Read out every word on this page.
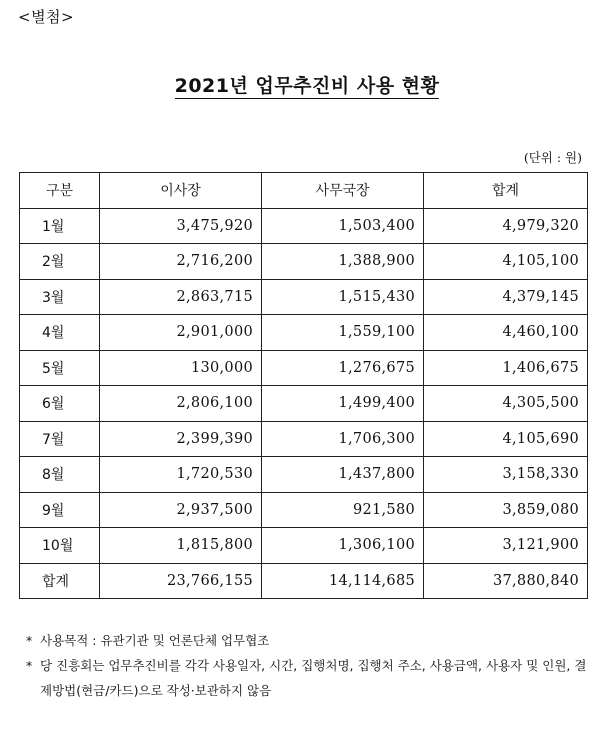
<별첨>
2021년 업무추진비 사용 현황
(단위 : 원)
구분	이사장	사무국장	합계
1월	3,475,920	1,503,400	4,979,320
2월	2,716,200	1,388,900	4,105,100
3월	2,863,715	1,515,430	4,379,145
4월	2,901,000	1,559,100	4,460,100
5월	130,000	1,276,675	1,406,675
6월	2,806,100	1,499,400	4,305,500
7월	2,399,390	1,706,300	4,105,690
8월	1,720,530	1,437,800	3,158,330
9월	2,937,500	921,580	3,859,080
10월	1,815,800	1,306,100	3,121,900
합계	23,766,155	14,114,685	37,880,840
* 사용목적 : 유관기관 및 언론단체 업무협조
* 당 진흥회는 업무추진비를 각각 사용일자, 시간, 집행처명, 집행처 주소, 사용금액, 사용자 및 인원, 결제방법(현금/카드)으로 작성·보관하지 않음
